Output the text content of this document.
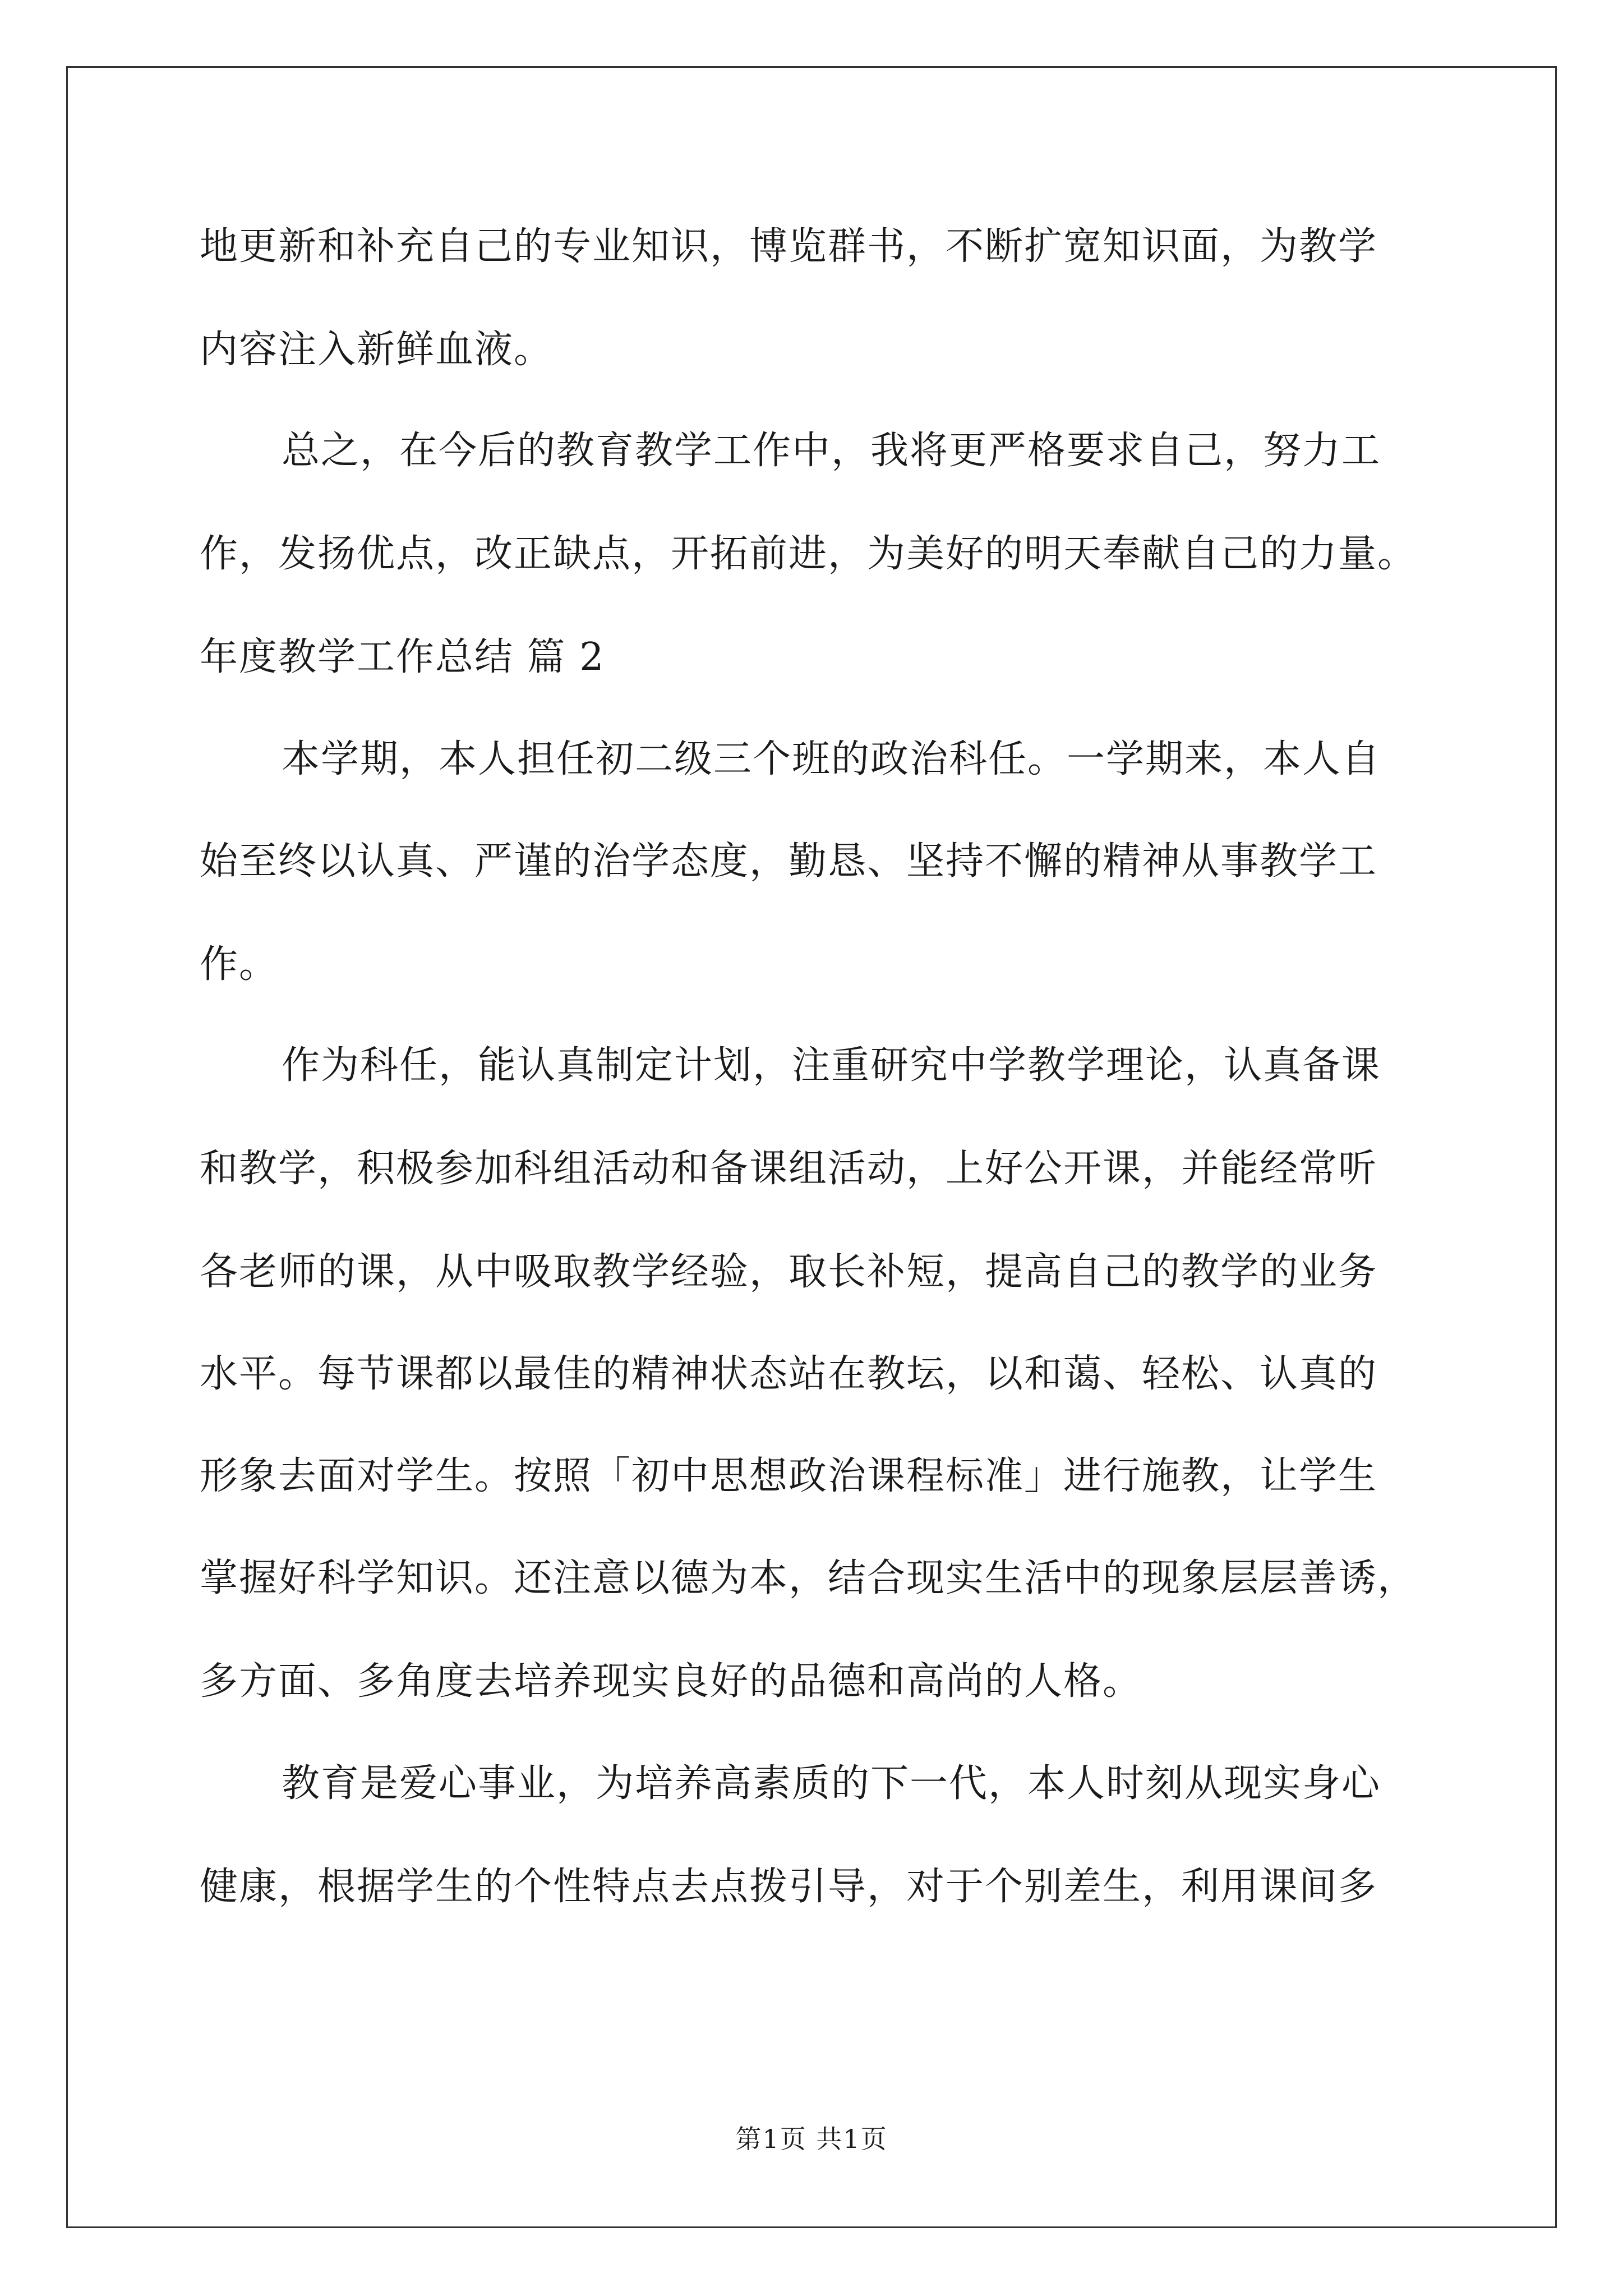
地更新和补充自己的专业知识，博览群书，不断扩宽知识面，为教学
内容注入新鲜血液。
总之，在今后的教育教学工作中，我将更严格要求自己，努力工
作，发扬优点，改正缺点，开拓前进，为美好的明天奉献自己的力量。
年度教学工作总结 篇 2
本学期，本人担任初二级三个班的政治科任。一学期来，本人自
始至终以认真、严谨的治学态度，勤恳、坚持不懈的精神从事教学工
作。
作为科任，能认真制定计划，注重研究中学教学理论，认真备课
和教学，积极参加科组活动和备课组活动，上好公开课，并能经常听
各老师的课，从中吸取教学经验，取长补短，提高自己的教学的业务
水平。每节课都以最佳的精神状态站在教坛，以和蔼、轻松、认真的
形象去面对学生。按照「初中思想政治课程标准」进行施教，让学生
掌握好科学知识。还注意以德为本，结合现实生活中的现象层层善诱，
多方面、多角度去培养现实良好的品德和高尚的人格。
教育是爱心事业，为培养高素质的下一代，本人时刻从现实身心
健康，根据学生的个性特点去点拨引导，对于个别差生，利用课间多
第1页 共1页
